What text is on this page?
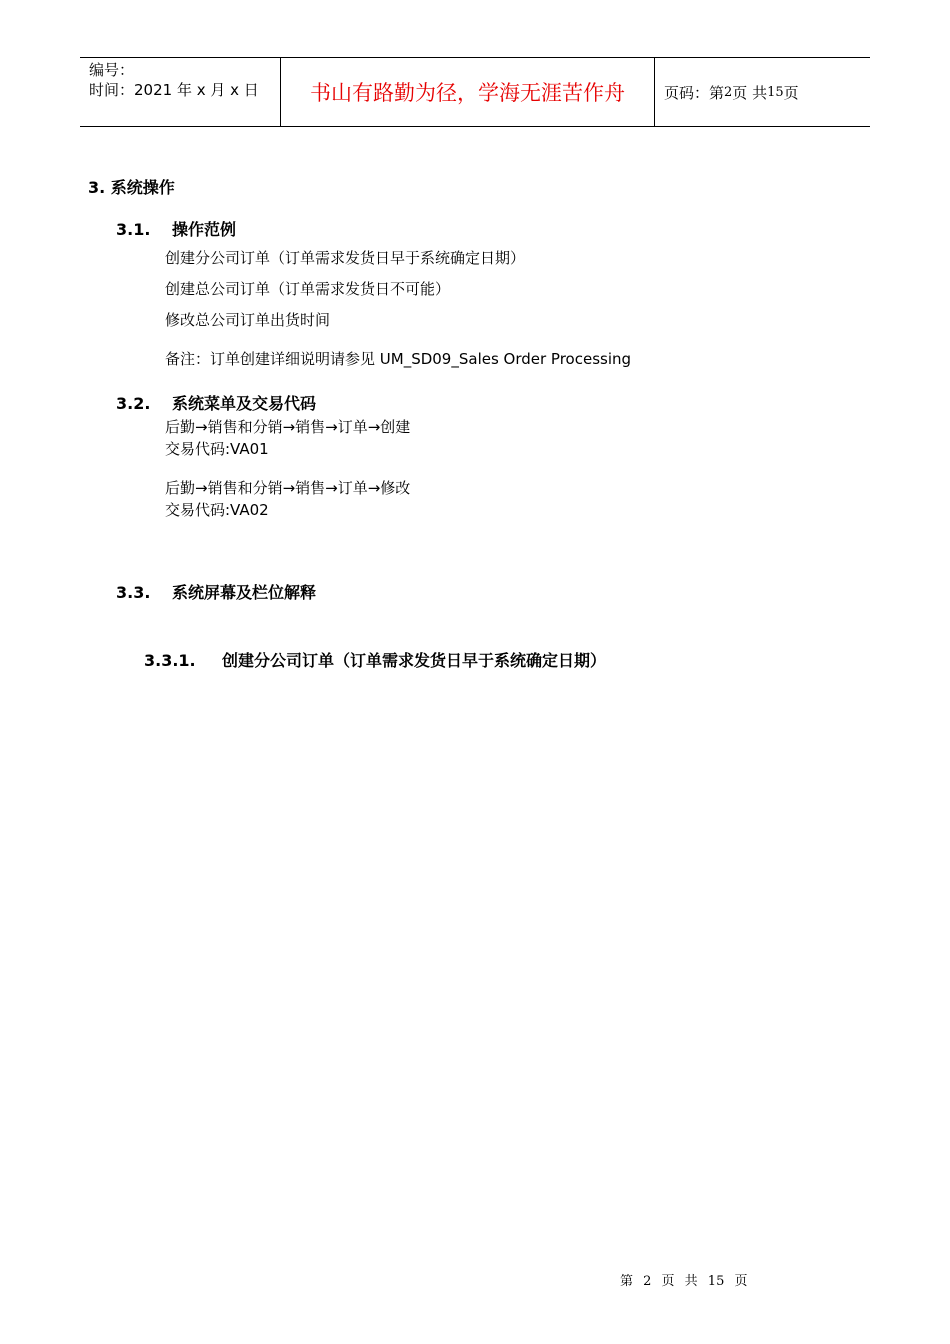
编号：
时间：2021 年 x 月 x 日	书山有路勤为径，学海无涯苦作舟	页码：第 2 页 共 15 页
3. 系统操作
3.1. 操作范例
创建分公司订单（订单需求发货日早于系统确定日期）
创建总公司订单（订单需求发货日不可能）
修改总公司订单出货时间
备注：订单创建详细说明请参见 UM_SD09_Sales Order Processing
3.2. 系统菜单及交易代码
后勤→销售和分销→销售→订单→创建
交易代码:VA01
后勤→销售和分销→销售→订单→修改
交易代码:VA02
3.3. 系统屏幕及栏位解释
3.3.1. 创建分公司订单（订单需求发货日早于系统确定日期）
第 2 页 共 15 页
